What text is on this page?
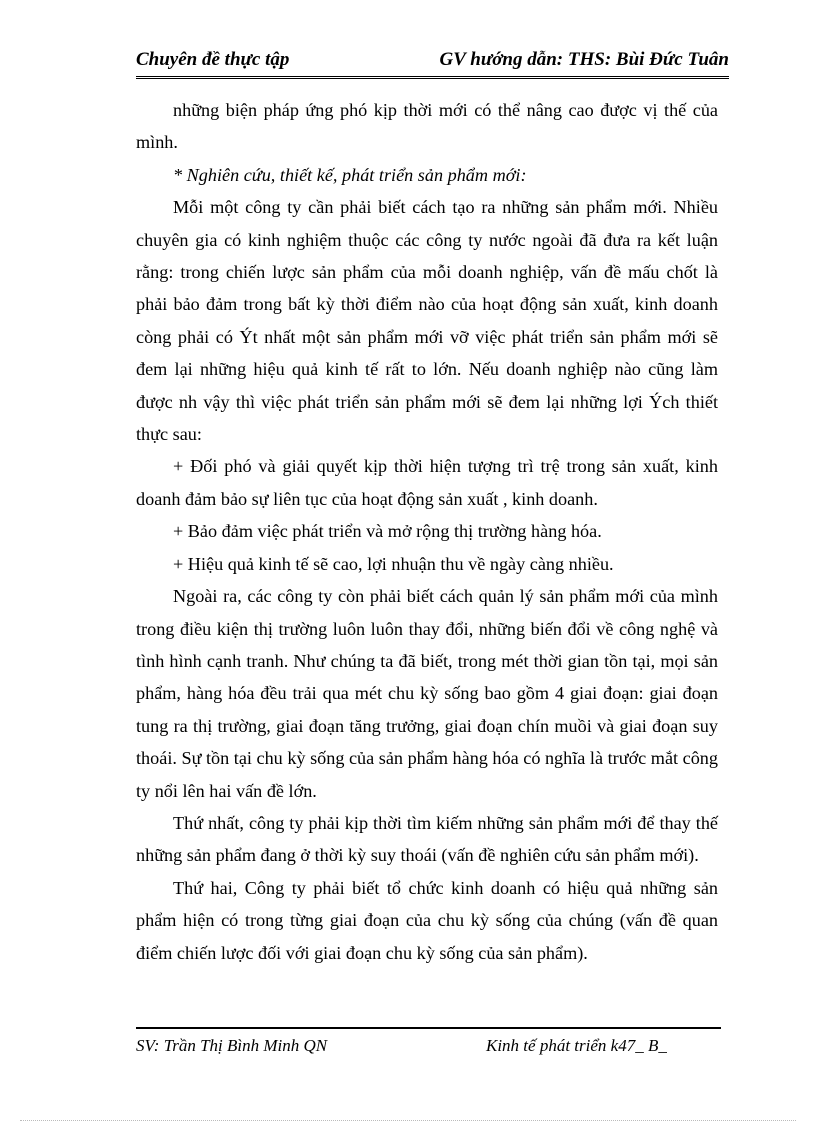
Chuyên đề thực tập	GV hướng dẫn: THS: Bùi Đức Tuân

những biện pháp ứng phó kịp thời mới có thể nâng cao được vị thế của mình.

* Nghiên cứu, thiết kế, phát triển sản phẩm mới:

Mỗi một công ty cần phải biết cách tạo ra những sản phẩm mới. Nhiều chuyên gia có kinh nghiệm thuộc các công ty nước ngoài đã đưa ra kết luận rằng: trong chiến lược sản phẩm của mỗi doanh nghiệp, vấn đề mấu chốt là phải bảo đảm trong bất kỳ thời điểm nào của hoạt động sản xuất, kinh doanh còng phải có Ýt nhất một sản phẩm mới vỡ việc phát triển sản phẩm mới sẽ đem lại những hiệu quả kinh tế rất to lớn. Nếu doanh nghiệp nào cũng làm được nh vậy thì việc phát triển sản phẩm mới sẽ đem lại những lợi Ých thiết thực sau:

+ Đối phó và giải quyết kịp thời hiện tượng trì trệ trong sản xuất, kinh doanh đảm bảo sự liên tục của hoạt động sản xuất , kinh doanh.

+ Bảo đảm việc phát triển và mở rộng thị trường hàng hóa.

+ Hiệu quả kinh tế sẽ cao, lợi nhuận thu về ngày càng nhiều.

Ngoài ra, các công ty còn phải biết cách quản lý sản phẩm mới của mình trong điều kiện thị trường luôn luôn thay đổi, những biến đổi về công nghệ và tình hình cạnh tranh. Như chúng ta đã biết, trong mét thời gian tồn tại, mọi sản phẩm, hàng hóa đều trải qua mét chu kỳ sống bao gồm 4 giai đoạn: giai đoạn tung ra thị trường, giai đoạn tăng trưởng, giai đoạn chín muồi và giai đoạn suy thoái. Sự tồn tại chu kỳ sống của sản phẩm hàng hóa có nghĩa là trước mắt công ty nổi lên hai vấn đề lớn.

Thứ nhất, công ty phải kịp thời tìm kiếm những sản phẩm mới để thay thế những sản phẩm đang ở thời kỳ suy thoái (vấn đề nghiên cứu sản phẩm mới).

Thứ hai, Công ty phải biết tổ chức kinh doanh có hiệu quả những sản phẩm hiện có trong từng giai đoạn của chu kỳ sống của chúng (vấn đề quan điểm chiến lược đối với giai đoạn chu kỳ sống của sản phẩm).

SV: Trần Thị Bình Minh QN	Kinh tế phát triển k47_ B_
